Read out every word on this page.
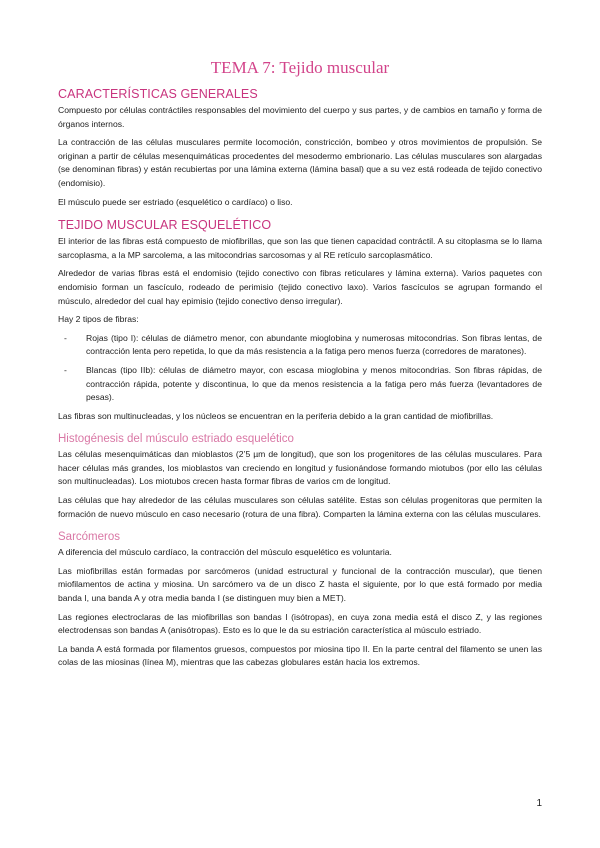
TEMA 7: Tejido muscular
CARACTERÍSTICAS GENERALES

Compuesto por células contráctiles responsables del movimiento del cuerpo y sus partes, y de cambios en tamaño y forma de órganos internos.

La contracción de las células musculares permite locomoción, constricción, bombeo y otros movimientos de propulsión. Se originan a partir de células mesenquimáticas procedentes del mesodermo embrionario. Las células musculares son alargadas (se denominan fibras) y están recubiertas por una lámina externa (lámina basal) que a su vez está rodeada de tejido conectivo (endomisio).

El músculo puede ser estriado (esquelético o cardíaco) o liso.

TEJIDO MUSCULAR ESQUELÉTICO

El interior de las fibras está compuesto de miofibrillas, que son las que tienen capacidad contráctil. A su citoplasma se lo llama sarcoplasma, a la MP sarcolema, a las mitocondrias sarcosomas y al RE retículo sarcoplasmático.

Alrededor de varias fibras está el endomisio (tejido conectivo con fibras reticulares y lámina externa). Varios paquetes con endomisio forman un fascículo, rodeado de perimisio (tejido conectivo laxo). Varios fascículos se agrupan formando el músculo, alrededor del cual hay epimisio (tejido conectivo denso irregular).

Hay 2 tipos de fibras:

- Rojas (tipo I): células de diámetro menor, con abundante mioglobina y numerosas mitocondrias. Son fibras lentas, de contracción lenta pero repetida, lo que da más resistencia a la fatiga pero menos fuerza (corredores de maratones).
- Blancas (tipo IIb): células de diámetro mayor, con escasa mioglobina y menos mitocondrias. Son fibras rápidas, de contracción rápida, potente y discontinua, lo que da menos resistencia a la fatiga pero más fuerza (levantadores de pesas).

Las fibras son multinucleadas, y los núcleos se encuentran en la periferia debido a la gran cantidad de miofibrillas.

Histogénesis del músculo estriado esquelético

Las células mesenquimáticas dan mioblastos (2’5 µm de longitud), que son los progenitores de las células musculares. Para hacer células más grandes, los mioblastos van creciendo en longitud y fusionándose formando miotubos (por ello las células son multinucleadas). Los miotubos crecen hasta formar fibras de varios cm de longitud.

Las células que hay alrededor de las células musculares son células satélite. Estas son células progenitoras que permiten la formación de nuevo músculo en caso necesario (rotura de una fibra). Comparten la lámina externa con las células musculares.

Sarcómeros

A diferencia del músculo cardíaco, la contracción del músculo esquelético es voluntaria.

Las miofibrillas están formadas por sarcómeros (unidad estructural y funcional de la contracción muscular), que tienen miofilamentos de actina y miosina. Un sarcómero va de un disco Z hasta el siguiente, por lo que está formado por media banda I, una banda A y otra media banda I (se distinguen muy bien a MET).

Las regiones electroclaras de las miofibrillas son bandas I (isótropas), en cuya zona media está el disco Z, y las regiones electrodensas son bandas A (anisótropas). Esto es lo que le da su estriación característica al músculo estriado.

La banda A está formada por filamentos gruesos, compuestos por miosina tipo II. En la parte central del filamento se unen las colas de las miosinas (línea M), mientras que las cabezas globulares están hacia los extremos.

1
